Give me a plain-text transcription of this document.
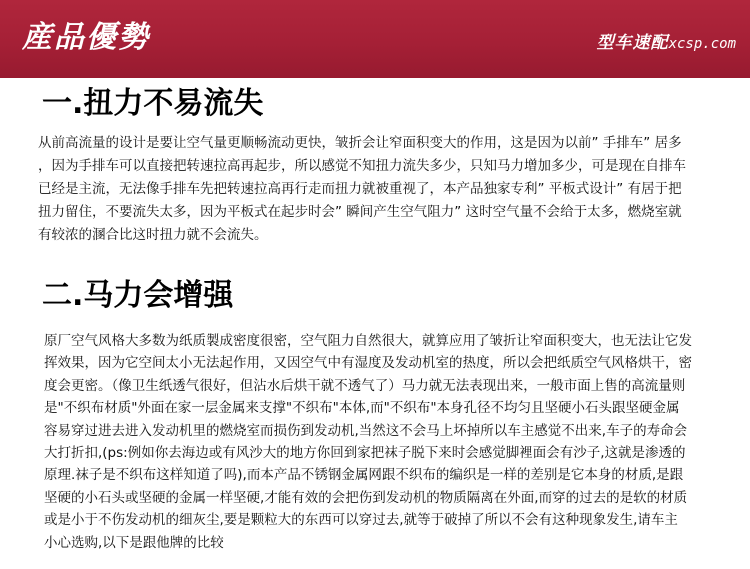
産品優勢	型车速配xcsp.com
一.扭力不易流失
从前高流量的设计是要让空气量更顺畅流动更快，皱折会让窄面积变大的作用，这是因为以前” 手排车” 居多
，因为手排车可以直接把转速拉高再起步，所以感觉不知扭力流失多少，只知马力增加多少，可是现在自排车
已经是主流，无法像手排车先把转速拉高再行走而扭力就被重视了，本产品独家专利” 平板式设计” 有居于把
扭力留住，不要流失太多，因为平板式在起步时会” 瞬间产生空气阻力” 这时空气量不会给于太多，燃烧室就
有较浓的溷合比这时扭力就不会流失。
二.马力会增强
原厂空气风格大多数为纸质製成密度很密，空气阻力自然很大，就算应用了皱折让窄面积变大，也无法让它发
挥效果，因为它空间太小无法起作用，又因空气中有湿度及发动机室的热度，所以会把纸质空气风格烘干，密
度会更密。（像卫生纸透气很好，但沾水后烘干就不透气了）马力就无法表现出来，一般市面上售的高流量则
是"不织布材质"外面在家一层金属来支撑"不织布"本体,而"不织布"本身孔径不均匀且坚硬小石头跟坚硬金属
容易穿过进去进入发动机里的燃烧室而损伤到发动机,当然这不会马上坏掉所以车主感觉不出来,车子的寿命会
大打折扣,(ps:例如你去海边或有风沙大的地方你回到家把袜子脱下来时会感觉脚裡面会有沙子,这就是渗透的
原理.袜子是不织布这样知道了吗),而本产品不锈钢金属网跟不织布的编织是一样的差别是它本身的材质,是跟
坚硬的小石头或坚硬的金属一样坚硬,才能有效的会把伤到发动机的物质隔离在外面,而穿的过去的是软的材质
或是小于不伤发动机的细灰尘,要是颗粒大的东西可以穿过去,就等于破掉了所以不会有这种现象发生,请车主
小心选购,以下是跟他牌的比较
